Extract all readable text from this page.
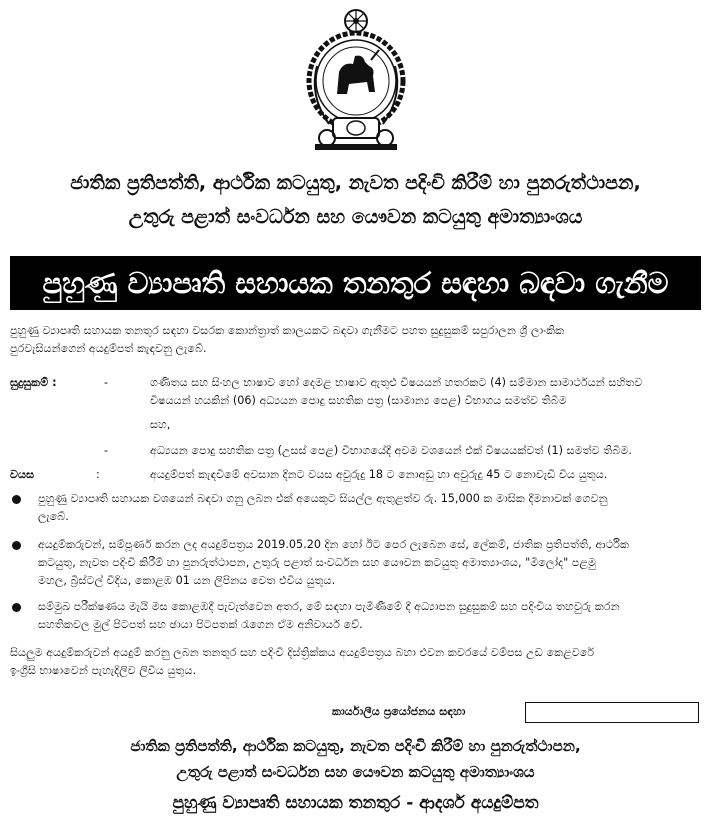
ජාතික ප්‍රතිපත්ති, ආර්ථික කටයුතු, නැවත පදිංචි කිරීම් හා පුනරුත්ථාපන,
උතුරු පළාත් සංවර්ධන සහ යෞවන කටයුතු අමාත්‍යාංශය
පුහුණු ව්‍යාපෘති සහායක තනතුර සඳහා බඳවා ගැනීම
පුහුණු ව්‍යාපෘති සහායක තනතුර සඳහා වසරක කොන්ත්‍රාත් කාලයකට බඳවා ගැනීමට පහත සුදුසුකම් සපුරාලන ශ්‍රී ලාංකික
පුරවැසියන්ගෙන් අයදුම්පත් කැඳවනු ලැබේ.
සුදුසුකම් :	-	ගණිතය සහ සිංහල භාෂාව හෝ දෙමළ භාෂාව ඇතුළු විෂයයන් හතරකට (4) සම්මාන සාමාර්ථයන් සහිතව
විෂයයන් හයකින් (06) අධ්‍යයන පොදු සහතික පත්‍ර (සාමාන්‍ය පෙළ) විභාගය සමත්ව තිබීම
සහ,
-	අධ්‍යයන පොදු සහතික පත්‍ර (උසස් පෙළ) විභාගයේදී අවම වශයෙන් එක් විෂයයක්වත් (1) සමත්ව තිබීම.
වයස	:	අයදුම්පත් කැඳවීමේ අවසාන දිනට වයස අවුරුදු 18 ට නොඅඩු හා අවුරුදු 45 ට නොවැඩි විය යුතුය.
පුහුණු ව්‍යාපෘති සහායක වශයෙන් බඳවා ගනු ලබන එක් අයෙකුට සියල්ල ඇතුළත්ව රු. 15,000 ක මාසික දීමනාවක් ගෙවනු
ලැබේ.
අයදුම්කරුවන්, සම්පූර්ණ කරන ලද අයදුම්පත්‍රය 2019.05.20 දින හෝ ඊට පෙර ලැබෙන සේ, ලේකම්, ජාතික ප්‍රතිපත්ති, ආර්ථික
කටයුතු, නැවත පදිංචි කිරීම් හා පුනරුත්ථාපන, උතුරු පළාත් සංවර්ධන සහ යෞවන කටයුතු අමාත්‍යාංශය, "මිලෝද" පළමු
මහල, බ්‍රිස්ටල් වීදිය, කොළඹ 01 යන ලිපිනය වෙත එවිය යුතුය.
සම්මුඛ පරීක්ෂණය මැයි මස කොළඹදී පැවැත්වෙන අතර, මේ සඳහා පැමිණීමේ දී අධ්‍යාපන සුදුසුකම් සහ පදිංචිය තහවුරු කරන
සහතිකවල මුල් පිටපත් සහ ඡායා පිටපතක් රැගෙන ඒම අනිවාර්ය වේ.
සියලුම අයදුම්කරුවන් අයදුම් කරනු ලබන තනතුර සහ පදිංචි දිස්ත්‍රික්කය අයදුම්පත්‍රය බහා එවන කවරයේ වම්පස උඩ කෙළවරේ
ඉංග්‍රීසි භාෂාවෙන් පැහැදිලිව ලිවිය යුතුය.
කාර්යාලීය ප්‍රයෝජනය සඳහා
ජාතික ප්‍රතිපත්ති, ආර්ථික කටයුතු, නැවත පදිංචි කිරීම් හා පුනරුත්ථාපන,
උතුරු පළාත් සංවර්ධන සහ යෞවන කටයුතු අමාත්‍යාංශය
පුහුණු ව්‍යාපෘති සහායක තනතුර - ආදර්ශ අයදුම්පත
